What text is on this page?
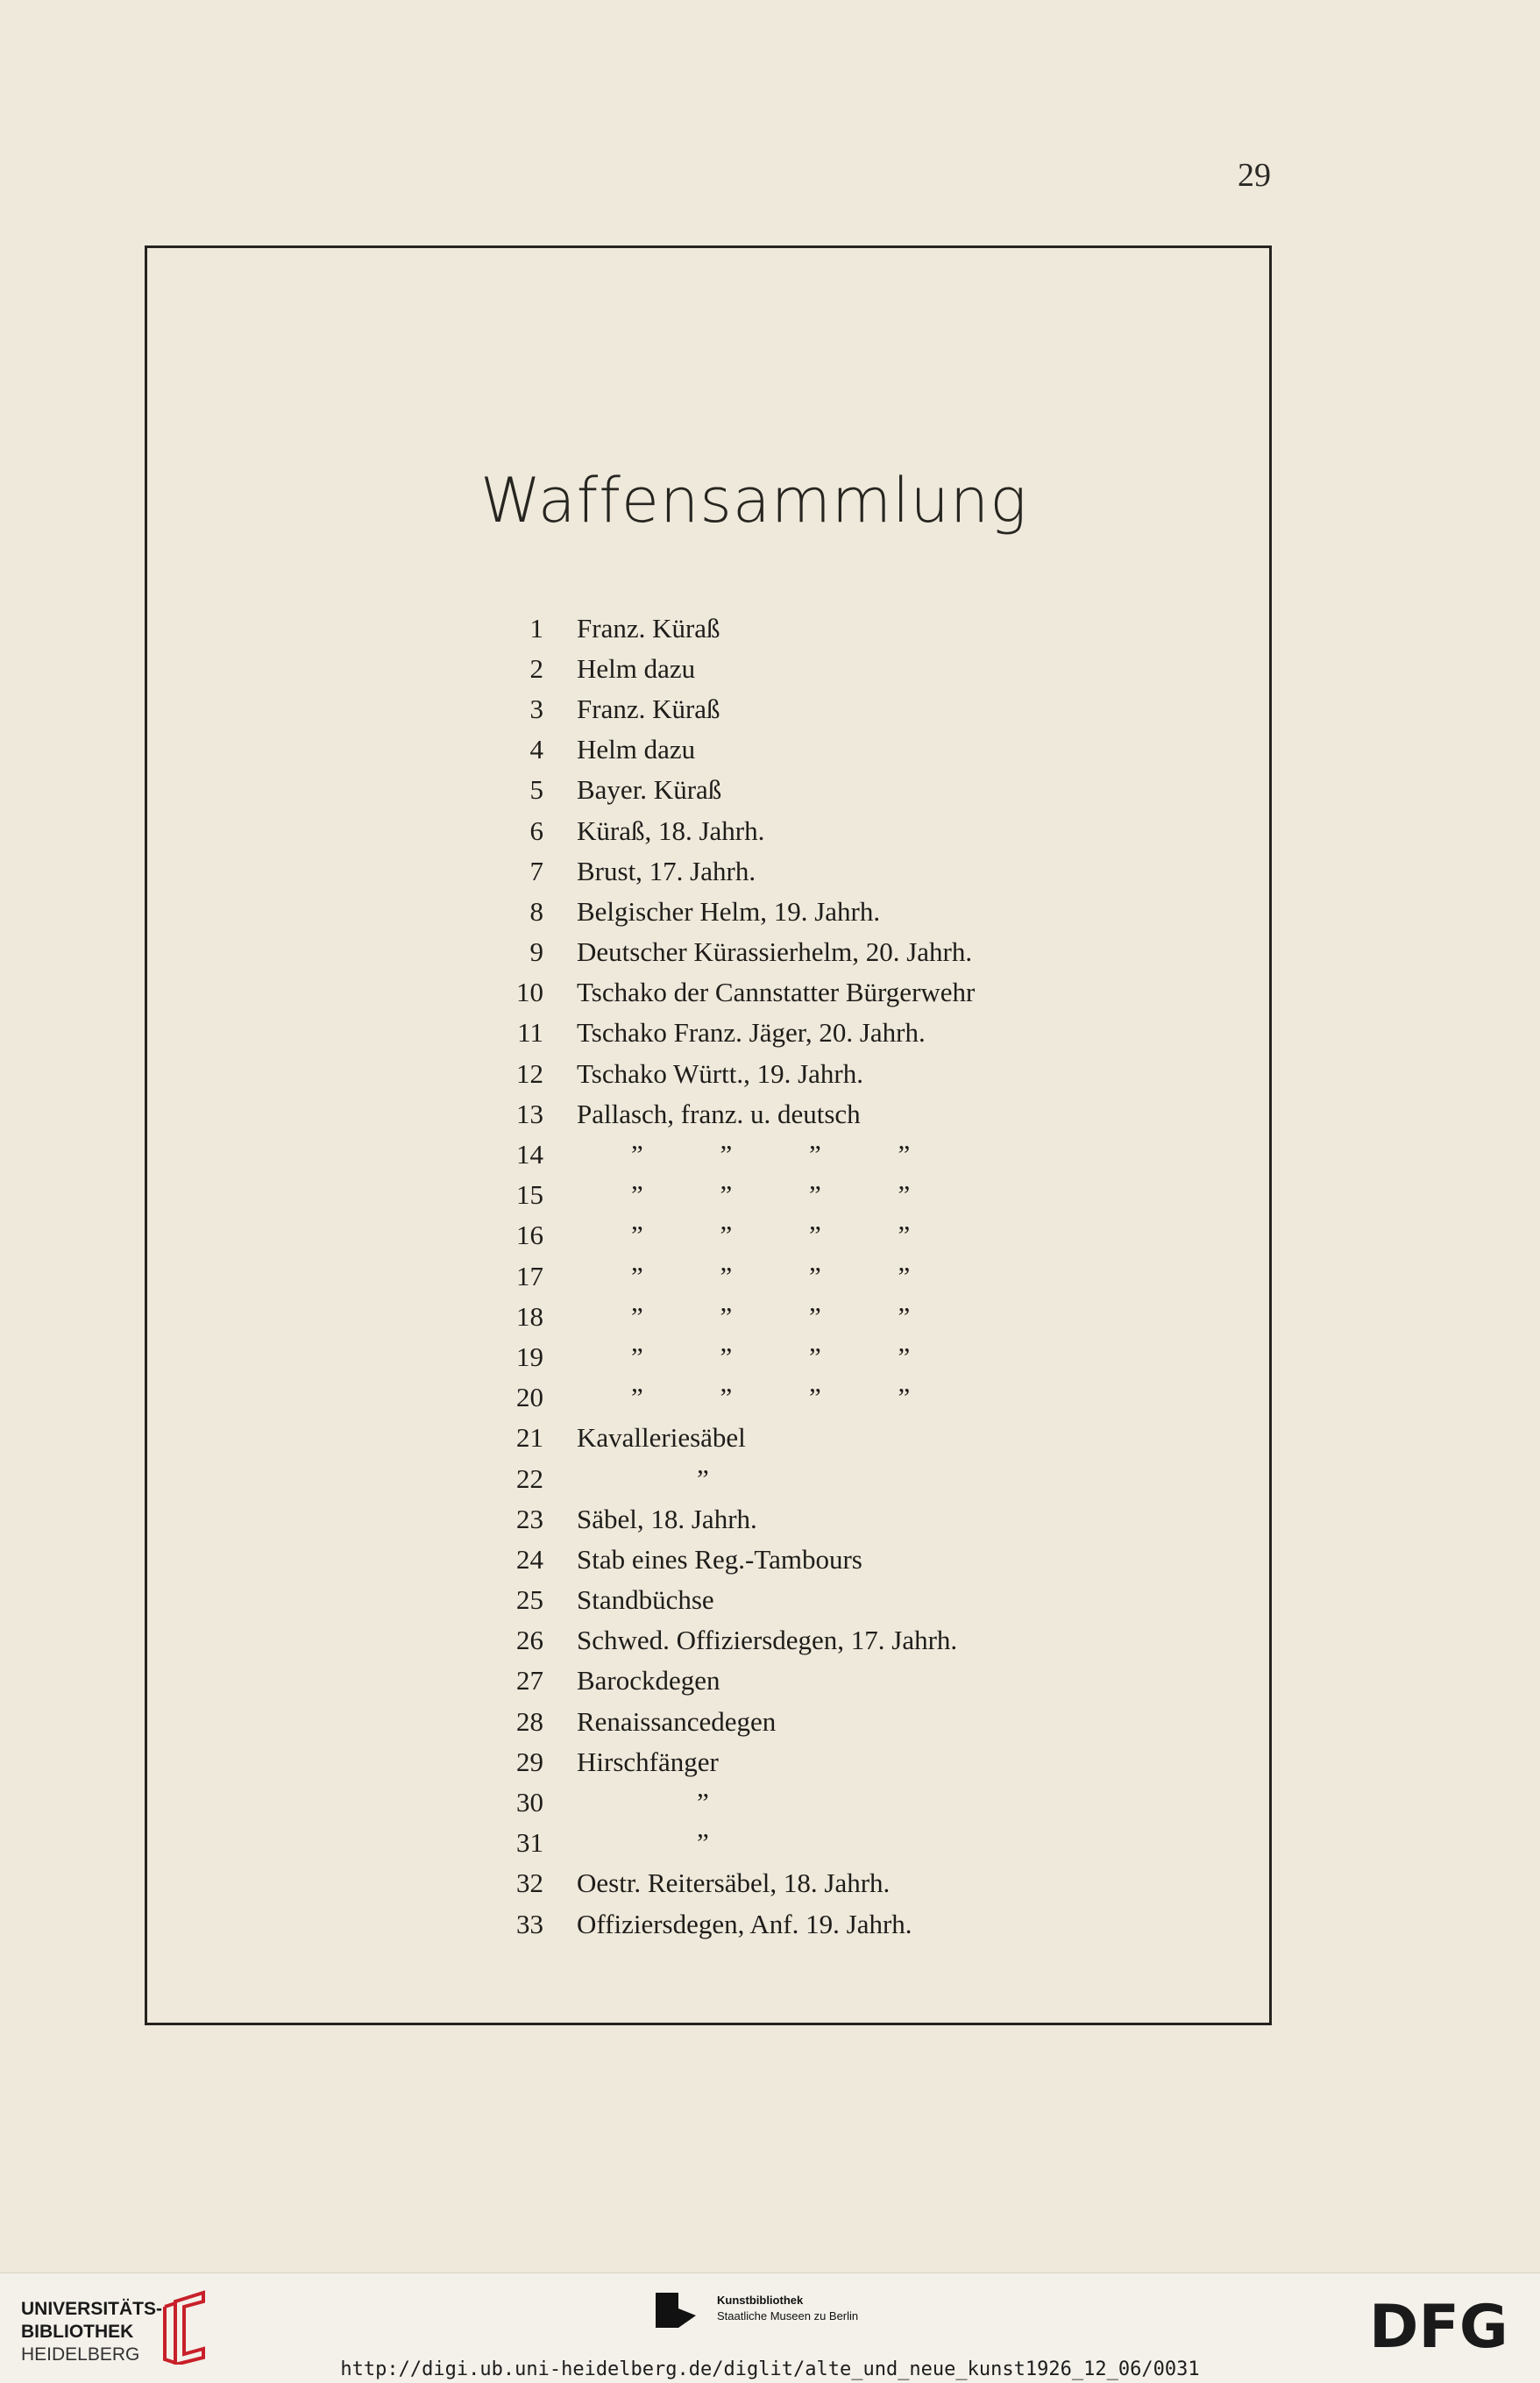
29
Waffensammlung
1	Franz. Küraß
2	Helm dazu
3	Franz. Küraß
4	Helm dazu
5	Bayer. Küraß
6	Küraß, 18. Jahrh.
7	Brust, 17. Jahrh.
8	Belgischer Helm, 19. Jahrh.
9	Deutscher Kürassierhelm, 20. Jahrh.
10	Tschako der Cannstatter Bürgerwehr
11	Tschako Franz. Jäger, 20. Jahrh.
12	Tschako Württ., 19. Jahrh.
13	Pallasch, franz. u. deutsch
14	” ” ” ”
15	” ” ” ”
16	” ” ” ”
17	” ” ” ”
18	” ” ” ”
19	” ” ” ”
20	” ” ” ”
21	Kavalleriesäbel
22	”
23	Säbel, 18. Jahrh.
24	Stab eines Reg.-Tambours
25	Standbüchse
26	Schwed. Offiziersdegen, 17. Jahrh.
27	Barockdegen
28	Renaissancedegen
29	Hirschfänger
30	”
31	”
32	Oestr. Reitersäbel, 18. Jahrh.
33	Offiziersdegen, Anf. 19. Jahrh.
UNIVERSITÄTS-
BIBLIOTHEK
HEIDELBERG
Kunstbibliothek
Staatliche Museen zu Berlin	DFG
http://digi.ub.uni-heidelberg.de/diglit/alte_und_neue_kunst1926_12_06/0031
